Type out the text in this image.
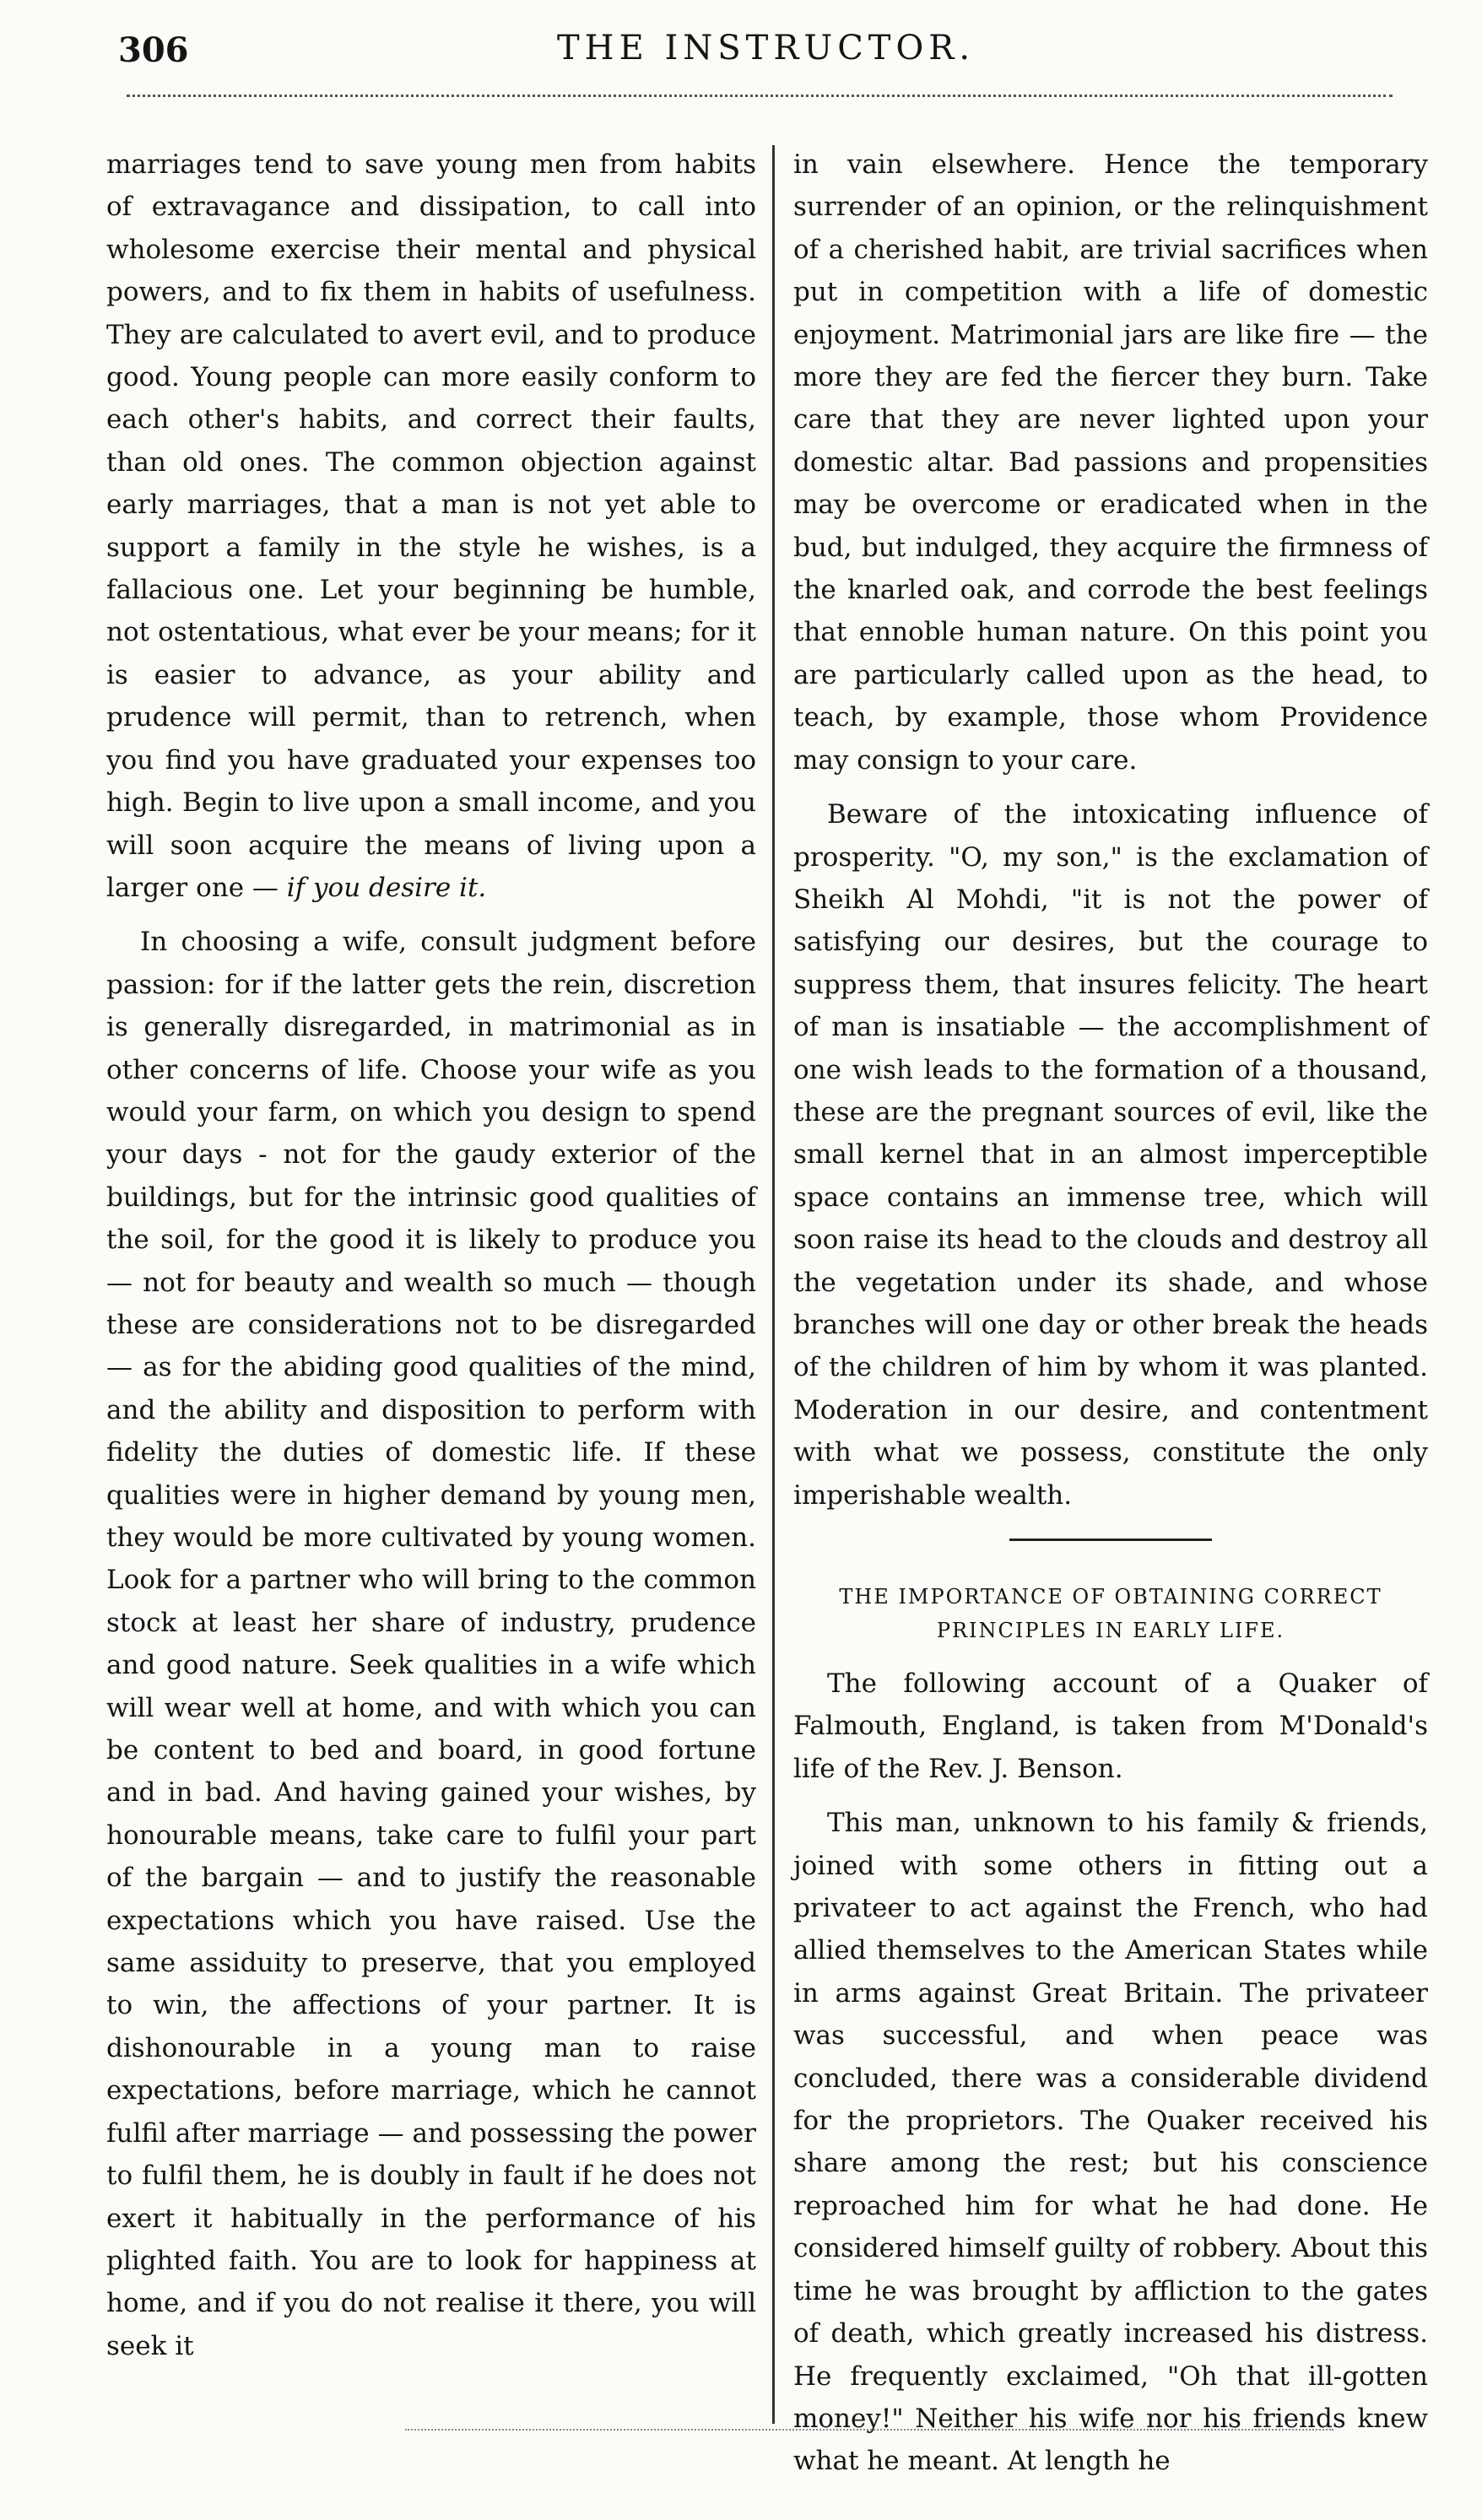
306	THE INSTRUCTOR.

marriages tend to save young men from habits of extravagance and dissipation, to call into wholesome exercise their mental and physical powers, and to fix them in habits of usefulness. They are calculated to avert evil, and to produce good. Young people can more easily conform to each other's habits, and correct their faults, than old ones. The common objection against early marriages, that a man is not yet able to support a family in the style he wishes, is a fallacious one. Let your beginning be humble, not ostentatious, what ever be your means; for it is easier to advance, as your ability and prudence will permit, than to retrench, when you find you have graduated your expenses too high. Begin to live upon a small income, and you will soon acquire the means of living upon a larger one — if you desire it.

In choosing a wife, consult judgment before passion: for if the latter gets the rein, discretion is generally disregarded, in matrimonial as in other concerns of life. Choose your wife as you would your farm, on which you design to spend your days - not for the gaudy exterior of the buildings, but for the intrinsic good qualities of the soil, for the good it is likely to produce you — not for beauty and wealth so much — though these are considerations not to be disregarded — as for the abiding good qualities of the mind, and the ability and disposition to perform with fidelity the duties of domestic life. If these qualities were in higher demand by young men, they would be more cultivated by young women. Look for a partner who will bring to the common stock at least her share of industry, prudence and good nature. Seek qualities in a wife which will wear well at home, and with which you can be content to bed and board, in good fortune and in bad. And having gained your wishes, by honourable means, take care to fulfil your part of the bargain — and to justify the reasonable expectations which you have raised. Use the same assiduity to preserve, that you employed to win, the affections of your partner. It is dishonourable in a young man to raise expectations, before marriage, which he cannot fulfil after marriage — and possessing the power to fulfil them, he is doubly in fault if he does not exert it habitually in the performance of his plighted faith. You are to look for happiness at home, and if you do not realise it there, you will seek it

in vain elsewhere. Hence the temporary surrender of an opinion, or the relinquishment of a cherished habit, are trivial sacrifices when put in competition with a life of domestic enjoyment. Matrimonial jars are like fire — the more they are fed the fiercer they burn. Take care that they are never lighted upon your domestic altar. Bad passions and propensities may be overcome or eradicated when in the bud, but indulged, they acquire the firmness of the knarled oak, and corrode the best feelings that ennoble human nature. On this point you are particularly called upon as the head, to teach, by example, those whom Providence may consign to your care.

Beware of the intoxicating influence of prosperity. "O, my son," is the exclamation of Sheikh Al Mohdi, "it is not the power of satisfying our desires, but the courage to suppress them, that insures felicity. The heart of man is insatiable — the accomplishment of one wish leads to the formation of a thousand, these are the pregnant sources of evil, like the small kernel that in an almost imperceptible space contains an immense tree, which will soon raise its head to the clouds and destroy all the vegetation under its shade, and whose branches will one day or other break the heads of the children of him by whom it was planted. Moderation in our desire, and contentment with what we possess, constitute the only imperishable wealth.

THE IMPORTANCE OF OBTAINING CORRECT
PRINCIPLES IN EARLY LIFE.

The following account of a Quaker of Falmouth, England, is taken from M'Donald's life of the Rev. J. Benson.

This man, unknown to his family & friends, joined with some others in fitting out a privateer to act against the French, who had allied themselves to the American States while in arms against Great Britain. The privateer was successful, and when peace was concluded, there was a considerable dividend for the proprietors. The Quaker received his share among the rest; but his conscience reproached him for what he had done. He considered himself guilty of robbery. About this time he was brought by affliction to the gates of death, which greatly increased his distress. He frequently exclaimed, "Oh that ill-gotten money!" Neither his wife nor his friends knew what he meant. At length he
